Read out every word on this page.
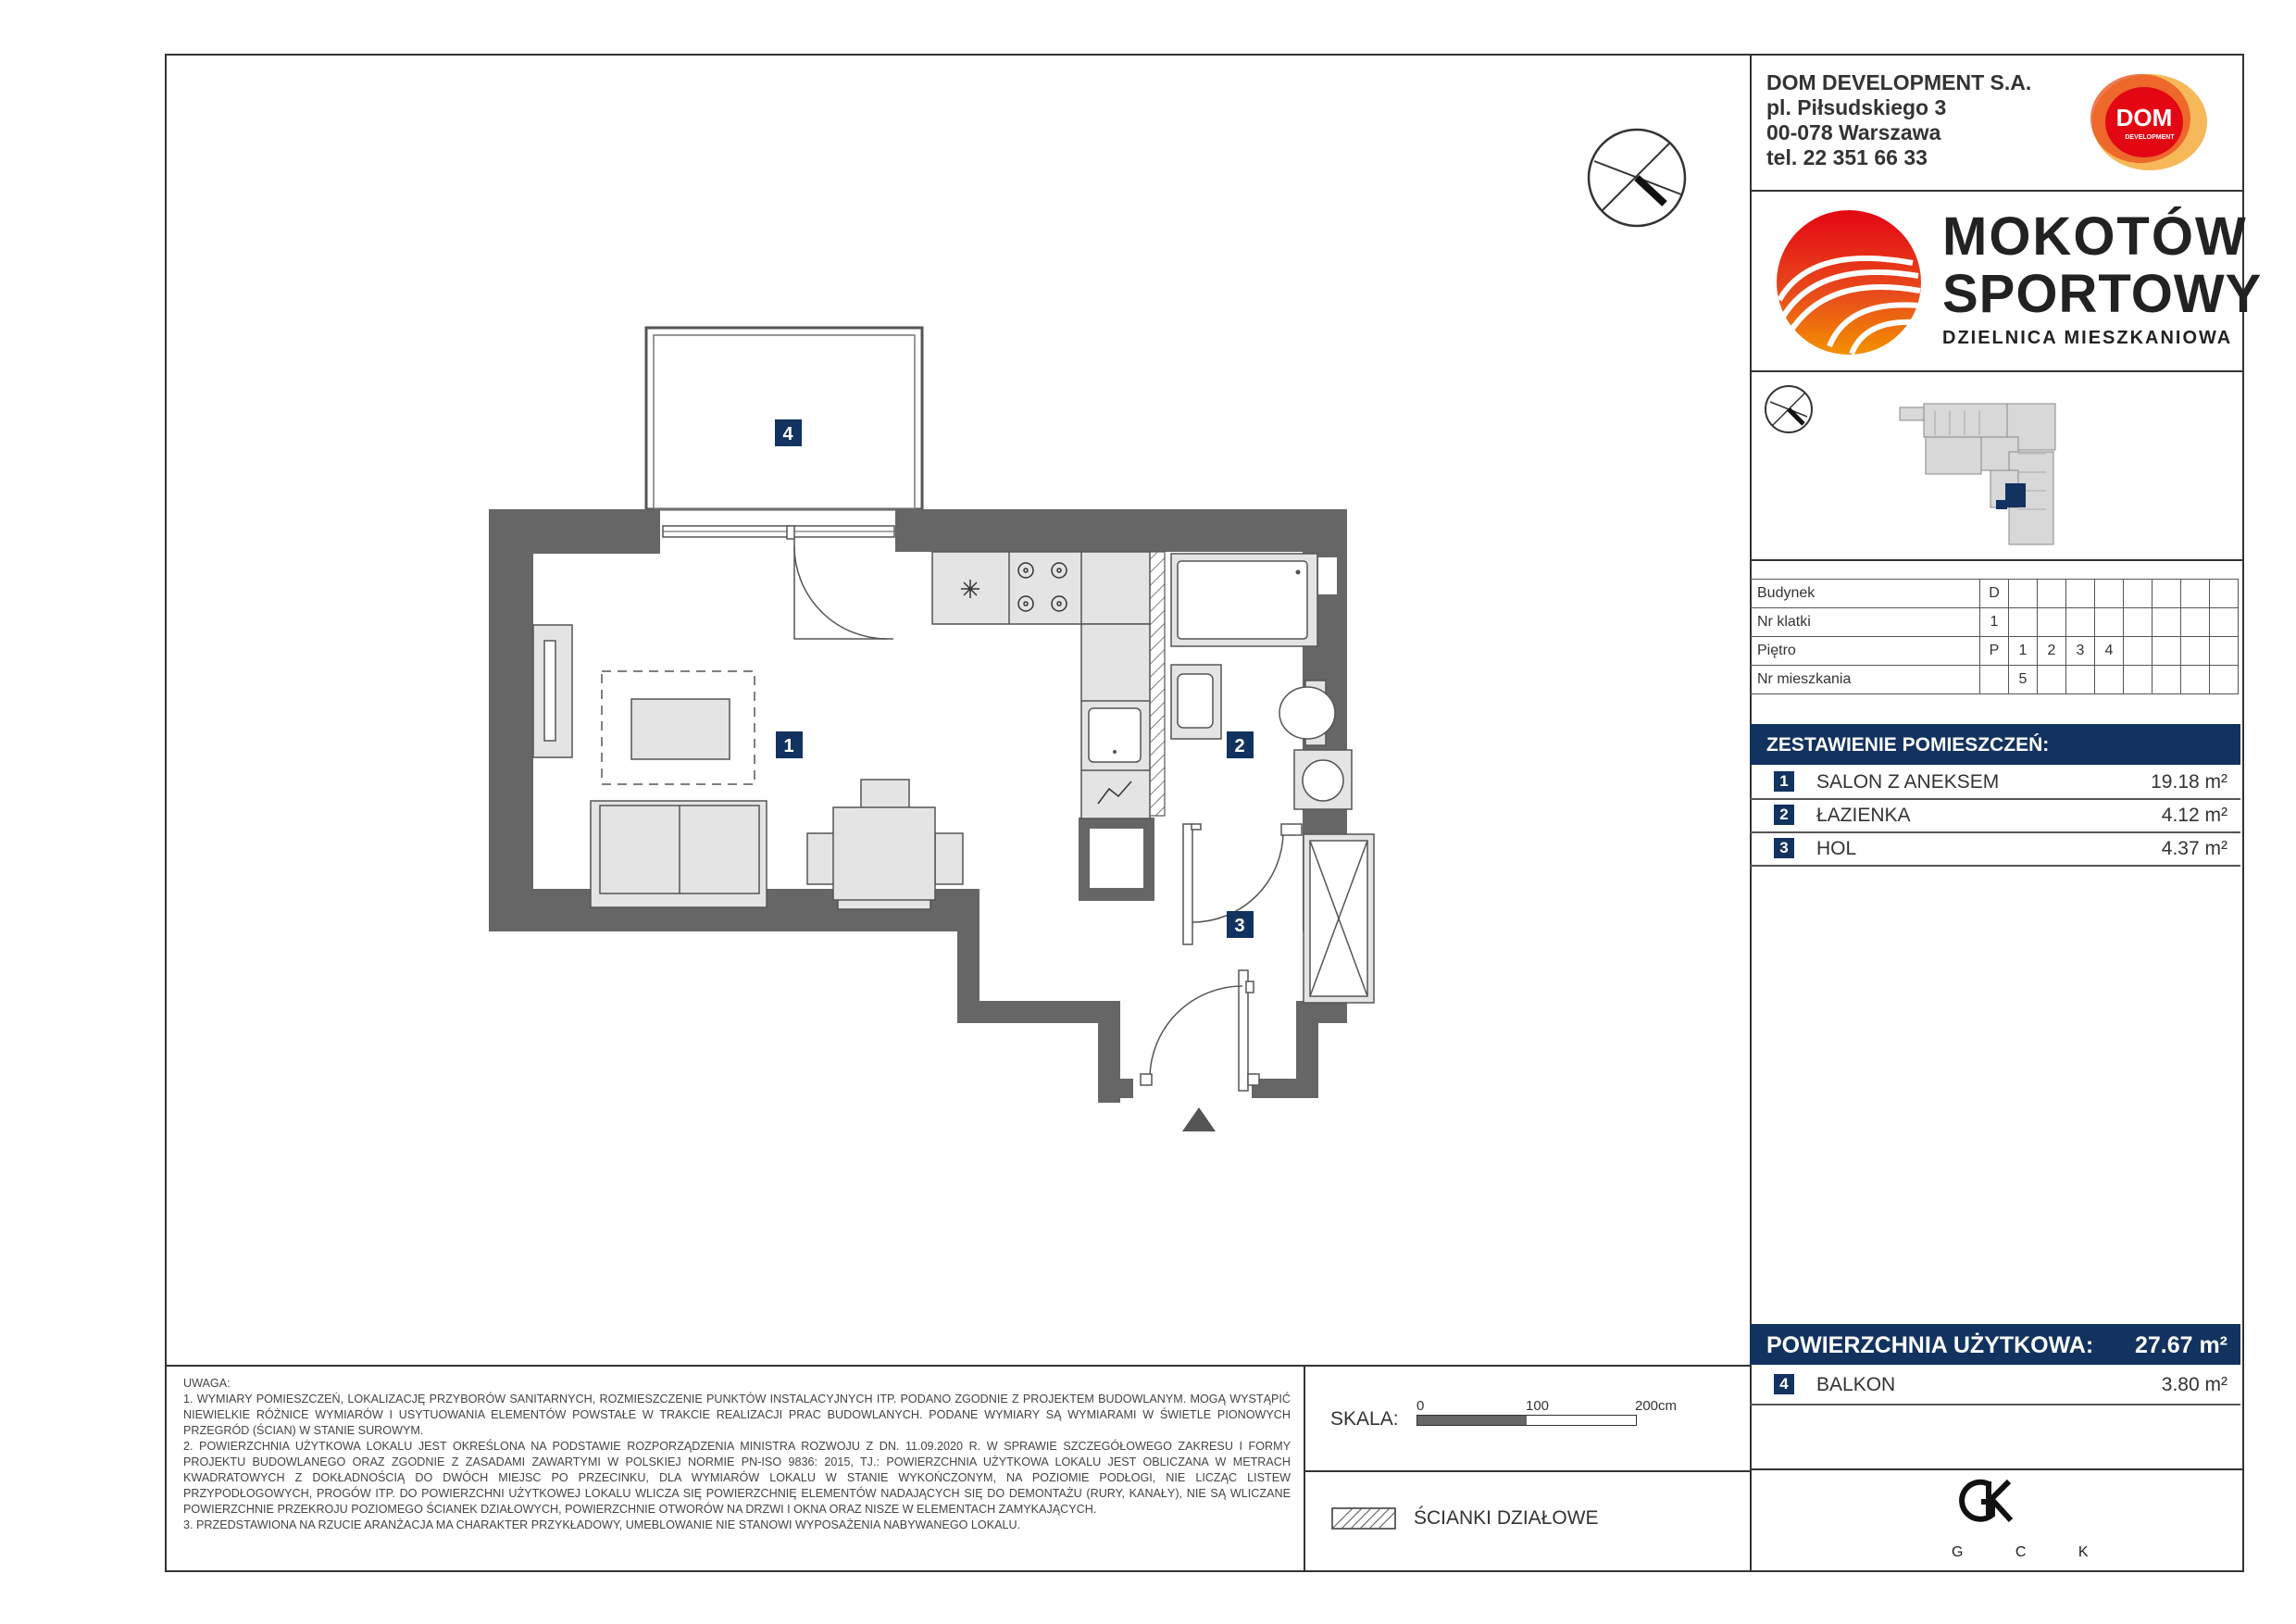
DOM DEVELOPMENT S.A.
pl. Piłsudskiego 3
00-078 Warszawa
tel. 22 351 66 33
DOM
DEVELOPMENT
MOKOTÓW
SPORTOWY
DZIELNICA MIESZKANIOWA
Budynek	D								
Nr klatki	1								
Piętro	P	1	2	3	4				
Nr mieszkania		5							
ZESTAWIENIE POMIESZCZEŃ:
1 SALON Z ANEKSEM	19.18 m²
2 ŁAZIENKA	4.12 m²
3 HOL	4.37 m²
POWIERZCHNIA UŻYTKOWA: 27.67 m²
4 BALKON	3.80 m²
G C K

UWAGA:

1. WYMIARY POMIESZCZEŃ, LOKALIZACJĘ PRZYBORÓW SANITARNYCH, ROZMIESZCZENIE PUNKTÓW INSTALACYJNYCH ITP. PODANO ZGODNIE Z PROJEKTEM BUDOWLANYM. MOGĄ WYSTĄPIĆ NIEWIELKIE RÓŻNICE WYMIARÓW I USYTUOWANIA ELEMENTÓW POWSTAŁE W TRAKCIE REALIZACJI PRAC BUDOWLANYCH. PODANE WYMIARY SĄ WYMIARAMI W ŚWIETLE PIONOWYCH PRZEGRÓD (ŚCIAN) W STANIE SUROWYM.

2. POWIERZCHNIA UŻYTKOWA LOKALU JEST OKREŚLONA NA PODSTAWIE ROZPORZĄDZENIA MINISTRA ROZWOJU Z DN. 11.09.2020 R. W SPRAWIE SZCZEGÓŁOWEGO ZAKRESU I FORMY PROJEKTU BUDOWLANEGO ORAZ ZGODNIE Z ZASADAMI ZAWARTYMI W POLSKIEJ NORMIE PN-ISO 9836: 2015, TJ.: POWIERZCHNIA UŻYTKOWA LOKALU JEST OBLICZANA W METRACH KWADRATOWYCH Z DOKŁADNOŚCIĄ DO DWÓCH MIEJSC PO PRZECINKU, DLA WYMIARÓW LOKALU W STANIE WYKOŃCZONYM, NA POZIOMIE PODŁOGI, NIE LICZĄC LISTEW PRZYPODŁOGOWYCH, PROGÓW ITP. DO POWIERZCHNI UŻYTKOWEJ LOKALU WLICZA SIĘ POWIERZCHNIĘ ELEMENTÓW NADAJĄCYCH SIĘ DO DEMONTAŻU (RURY, KANAŁY), NIE SĄ WLICZANE POWIERZCHNIE PRZEKROJU POZIOMEGO ŚCIANEK DZIAŁOWYCH, POWIERZCHNIE OTWORÓW NA DRZWI I OKNA ORAZ NISZE W ELEMENTACH ZAMYKAJĄCYCH.

3. PRZEDSTAWIONA NA RZUCIE ARANŻACJA MA CHARAKTER PRZYKŁADOWY, UMEBLOWANIE NIE STANOWI WYPOSAŻENIA NABYWANEGO LOKALU.

SKALA:
0	100	200cm
ŚCIANKI DZIAŁOWE
4
1	2
3
